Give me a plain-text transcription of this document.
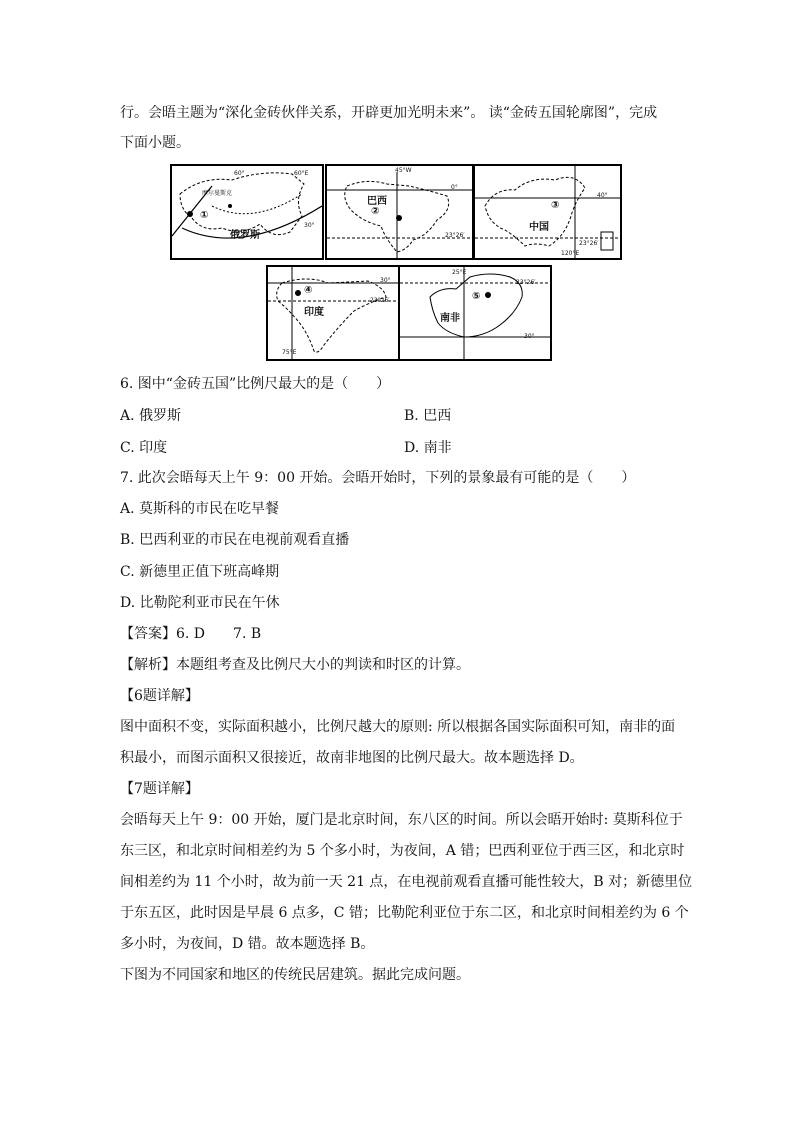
行。会晤主题为“深化金砖伙伴关系，开辟更加光明未来”。 读“金砖五国轮廓图”，完成
下面小题。
摩尔曼斯克
60°	60°E
30°
①
俄罗斯
45°W
0°
23°26′
巴西
②
40°
23°26′
120°E
③
中国
30°
23°26′
75°E
④
印度
25°E
23°26′
30°
⑤
南非
6. 图中“金砖五国”比例尺最大的是（　　）
A. 俄罗斯	B. 巴西
C. 印度	D. 南非
7. 此次会晤每天上午 9：00 开始。会晤开始时，下列的景象最有可能的是（　　）
A. 莫斯科的市民在吃早餐
B. 巴西利亚的市民在电视前观看直播
C. 新德里正值下班高峰期
D. 比勒陀利亚市民在午休
【答案】6. D　　7. B
【解析】本题组考查及比例尺大小的判读和时区的计算。
【6题详解】
图中面积不变，实际面积越小，比例尺越大的原则: 所以根据各国实际面积可知，南非的面
积最小，而图示面积又很接近，故南非地图的比例尺最大。故本题选择 D。
【7题详解】
会晤每天上午 9：00 开始，厦门是北京时间，东八区的时间。所以会晤开始时: 莫斯科位于
东三区，和北京时间相差约为 5 个多小时，为夜间，A 错；巴西利亚位于西三区，和北京时
间相差约为 11 个小时，故为前一天 21 点，在电视前观看直播可能性较大，B 对；新德里位
于东五区，此时因是早晨 6 点多，C 错；比勒陀利亚位于东二区，和北京时间相差约为 6 个
多小时，为夜间，D 错。故本题选择 B。
下图为不同国家和地区的传统民居建筑。据此完成问题。
